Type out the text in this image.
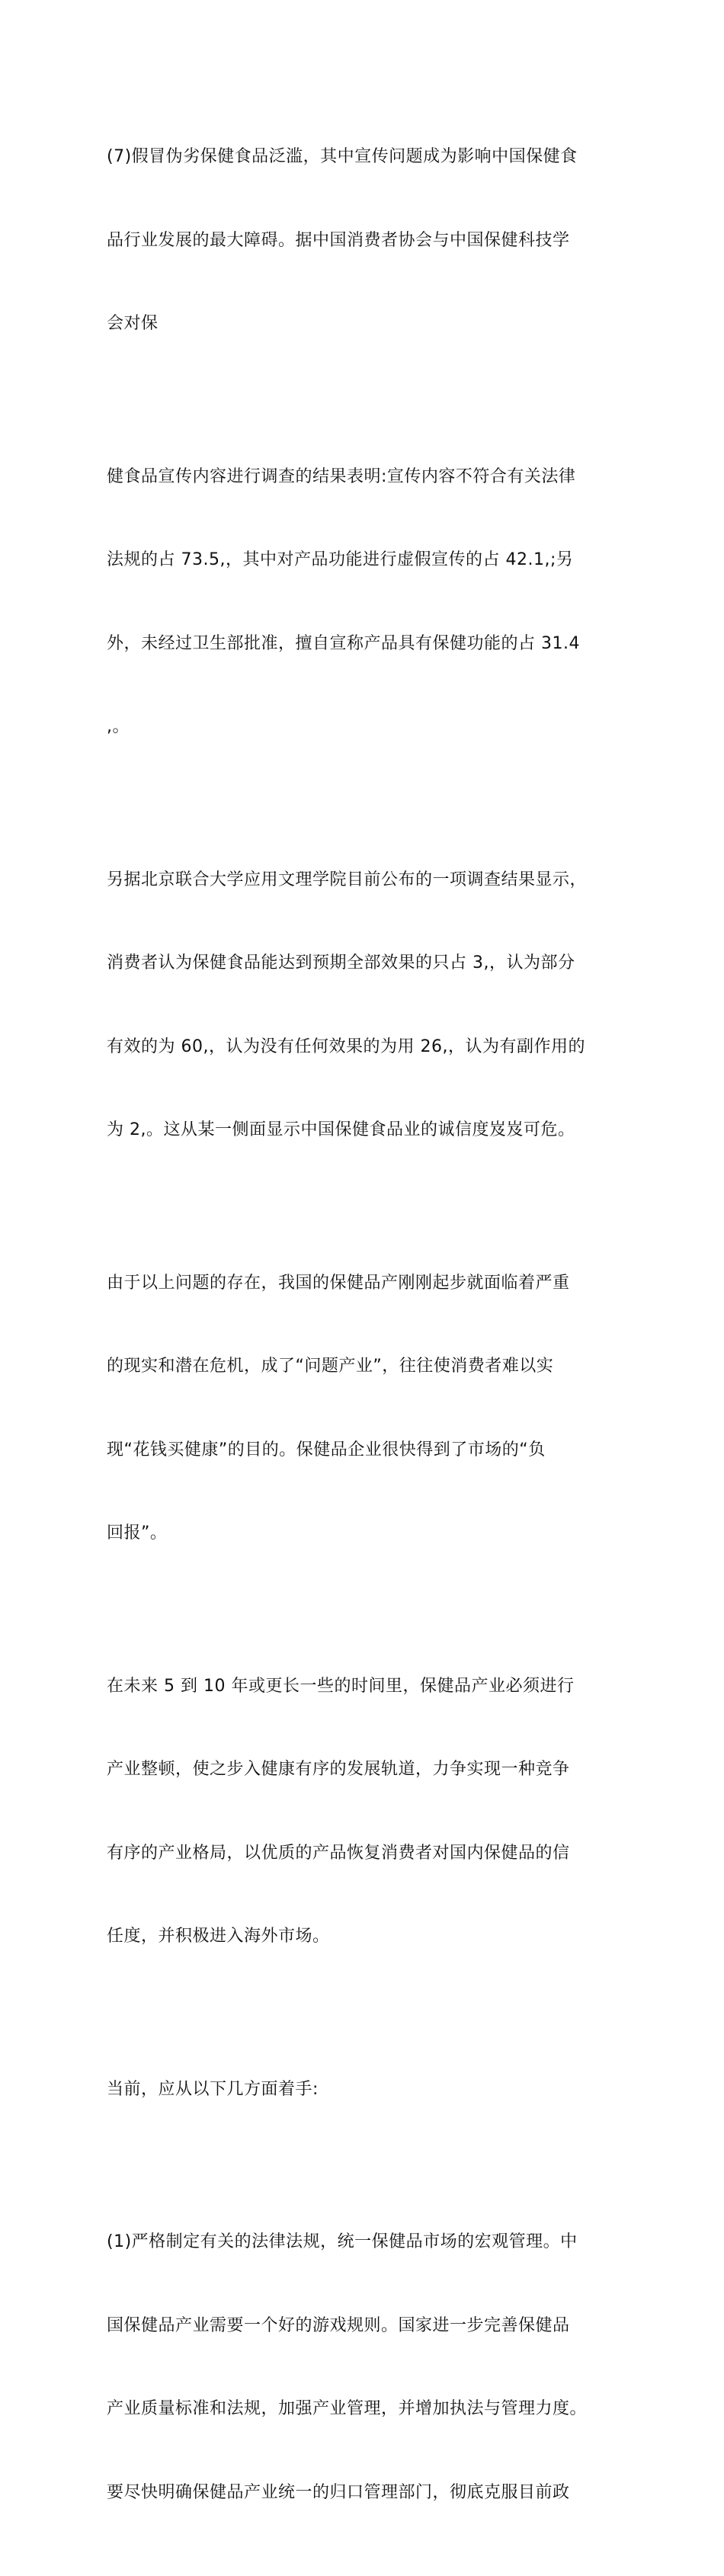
(7)假冒伪劣保健食品泛滥，其中宣传问题成为影响中国保健食

品行业发展的最大障碍。据中国消费者协会与中国保健科技学

会对保

健食品宣传内容进行调查的结果表明:宣传内容不符合有关法律

法规的占 73.5,，其中对产品功能进行虚假宣传的占 42.1,;另

外，未经过卫生部批准，擅自宣称产品具有保健功能的占 31.4

,。

另据北京联合大学应用文理学院目前公布的一项调查结果显示，

消费者认为保健食品能达到预期全部效果的只占 3,，认为部分

有效的为 60,，认为没有任何效果的为用 26,，认为有副作用的

为 2,。这从某一侧面显示中国保健食品业的诚信度岌岌可危。

由于以上问题的存在，我国的保健品产刚刚起步就面临着严重

的现实和潜在危机，成了“问题产业”，往往使消费者难以实

现“花钱买健康”的目的。保健品企业很快得到了市场的“负

回报”。

在未来 5 到 10 年或更长一些的时间里，保健品产业必须进行

产业整顿，使之步入健康有序的发展轨道，力争实现一种竞争

有序的产业格局，以优质的产品恢复消费者对国内保健品的信

任度，并积极进入海外市场。

当前，应从以下几方面着手:

(1)严格制定有关的法律法规，统一保健品市场的宏观管理。中

国保健品产业需要一个好的游戏规则。国家进一步完善保健品

产业质量标准和法规，加强产业管理，并增加执法与管理力度。

要尽快明确保健品产业统一的归口管理部门，彻底克服目前政
